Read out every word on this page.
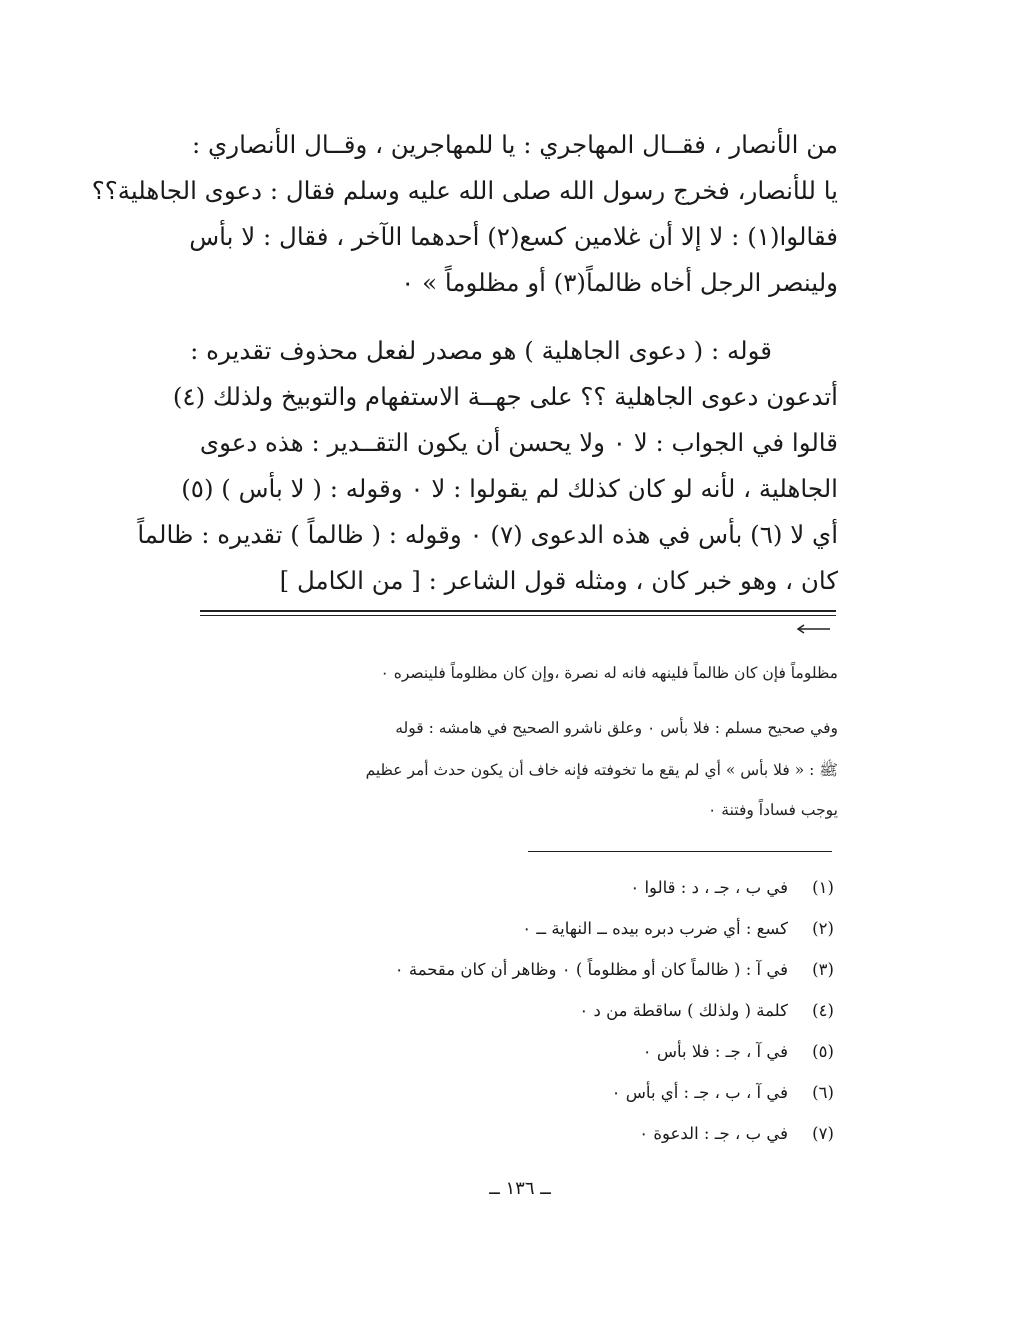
من الأنصار ، فقــال المهاجري : يا للمهاجرين ، وقــال الأنصاري :
يا للأنصار، فخرج رسول الله صلى الله عليه وسلم فقال : دعوى الجاهلية؟؟
فقالوا(١) : لا إلا أن غلامين كسع(٢) أحدهما الآخر ، فقال : لا بأس
ولينصر الرجل أخاه ظالماً(٣) أو مظلوماً » ٠
قوله : ( دعوى الجاهلية ) هو مصدر لفعل محذوف تقديره :
أتدعون دعوى الجاهلية ؟؟ على جهــة الاستفهام والتوبيخ ولذلك (٤)
قالوا في الجواب : لا ٠ ولا يحسن أن يكون التقــدير : هذه دعوى
الجاهلية ، لأنه لو كان كذلك لم يقولوا : لا ٠ وقوله : ( لا بأس ) (٥)
أي لا (٦) بأس في هذه الدعوى (٧) ٠ وقوله : ( ظالماً ) تقديره : ظالماً
كان ، وهو خبر كان ، ومثله قول الشاعر : [ من الكامل ]
مظلوماً فإن كان ظالماً فلينهه فانه له نصرة ،وإن كان مظلوماً فلينصره ٠
وفي صحيح مسلم : فلا بأس ٠ وعلق ناشرو الصحيح في هامشه : قوله
ﷺ : « فلا بأس » أي لم يقع ما تخوفته فإنه خاف أن يكون حدث أمر عظيم
يوجب فساداً وفتنة ٠
(١)في ب ، جـ ، د : قالوا ٠
(٢)كسع : أي ضرب دبره بيده ــ النهاية ــ ٠
(٣)في آ : ( ظالماً كان أو مظلوماً ) ٠ وظاهر أن كان مقحمة ٠
(٤)كلمة ( ولذلك ) ساقطة من د ٠
(٥)في آ ، جـ : فلا بأس ٠
(٦)في آ ، ب ، جـ : أي بأس ٠
(٧)في ب ، جـ : الدعوة ٠
ــ ١٣٦ ــ
